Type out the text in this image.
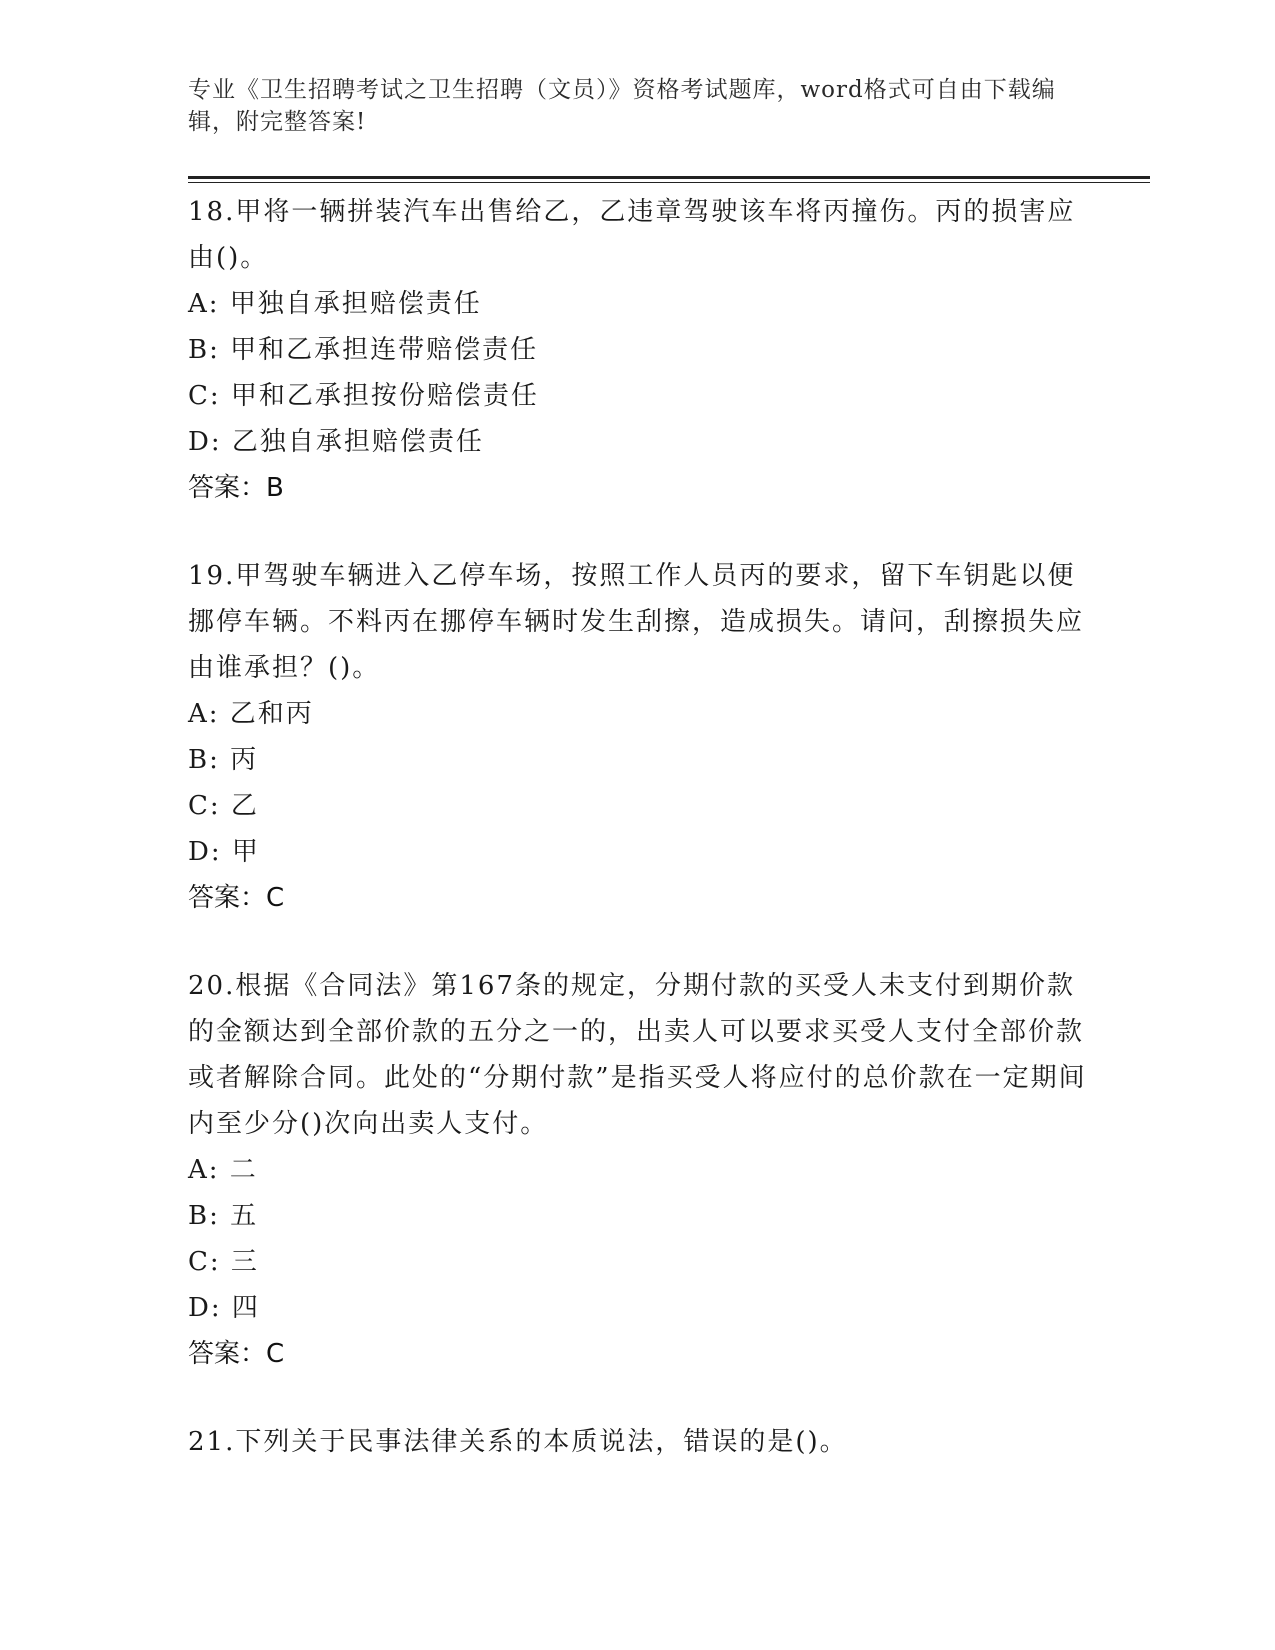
专业《卫生招聘考试之卫生招聘（文员）》资格考试题库，word格式可自由下载编辑，附完整答案!

18.甲将一辆拼装汽车出售给乙，乙违章驾驶该车将丙撞伤。丙的损害应由()。

A: 甲独自承担赔偿责任

B: 甲和乙承担连带赔偿责任

C: 甲和乙承担按份赔偿责任

D: 乙独自承担赔偿责任

答案：B

19.甲驾驶车辆进入乙停车场，按照工作人员丙的要求，留下车钥匙以便挪停车辆。不料丙在挪停车辆时发生刮擦，造成损失。请问，刮擦损失应由谁承担？()。

A: 乙和丙

B: 丙

C: 乙

D: 甲

答案：C

20.根据《合同法》第167条的规定，分期付款的买受人未支付到期价款的金额达到全部价款的五分之一的，出卖人可以要求买受人支付全部价款或者解除合同。此处的“分期付款”是指买受人将应付的总价款在一定期间内至少分()次向出卖人支付。

A: 二

B: 五

C: 三

D: 四

答案：C

21.下列关于民事法律关系的本质说法，错误的是()。
